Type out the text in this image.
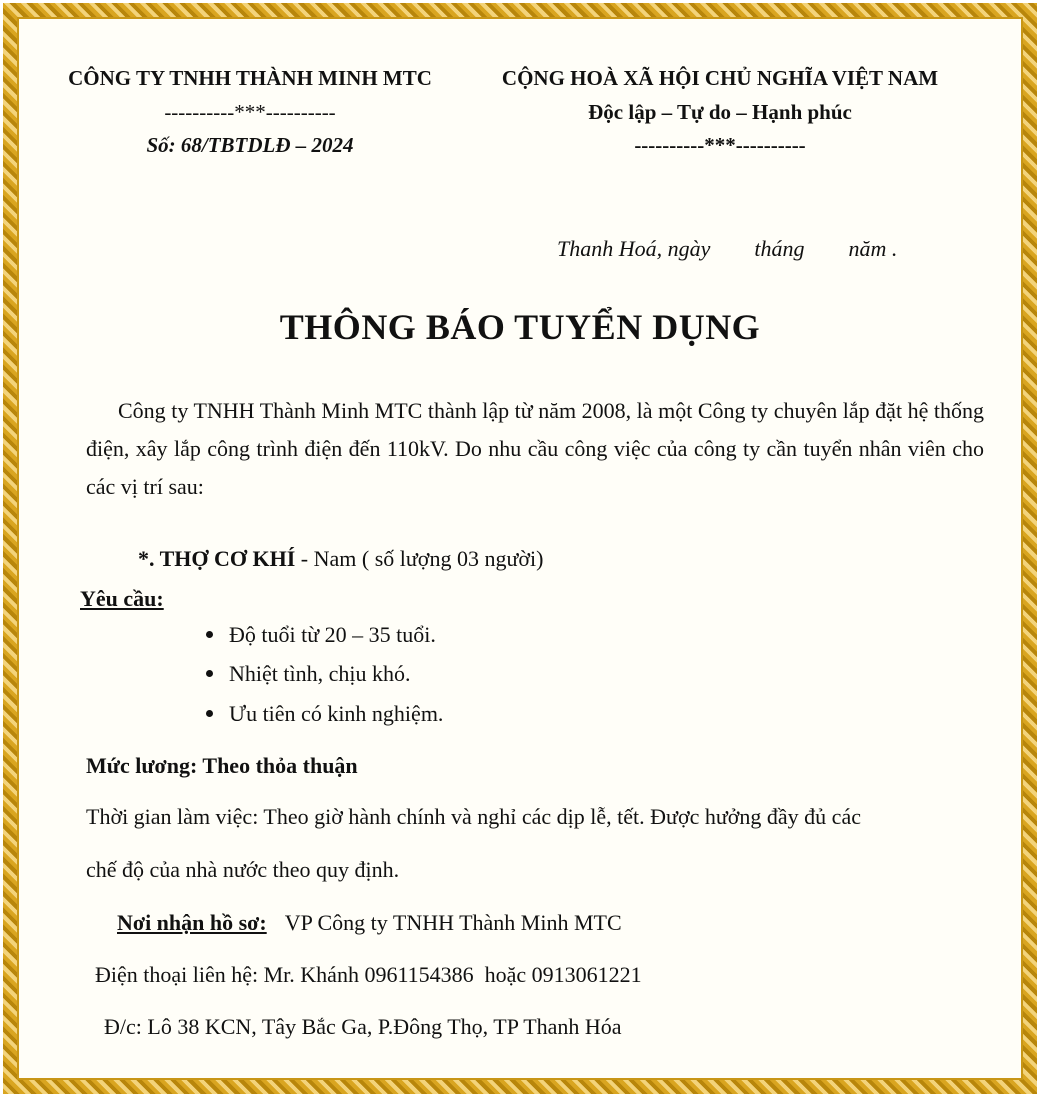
CÔNG TY TNHH THÀNH MINH MTC
----------***----------
Số: 68/TBTDLĐ – 2024
CỘNG HOÀ XÃ HỘI CHỦ NGHĨA VIỆT NAM
Độc lập – Tự do – Hạnh phúc
----------***----------
Thanh Hoá, ngày        tháng        năm .
THÔNG BÁO TUYỂN DỤNG
Công ty TNHH Thành Minh MTC thành lập từ năm 2008, là một Công ty chuyên lắp đặt hệ thống điện, xây lắp công trình điện đến 110kV. Do nhu cầu công việc của công ty cần tuyển nhân viên cho các vị trí sau:
*. THỢ CƠ KHÍ - Nam ( số lượng 03 người)
Yêu cầu:
Độ tuổi từ 20 – 35 tuổi.
Nhiệt tình, chịu khó.
Ưu tiên có kinh nghiệm.
Mức lương: Theo thỏa thuận
Thời gian làm việc: Theo giờ hành chính và nghỉ các dịp lễ, tết. Được hưởng đầy đủ các
chế độ của nhà nước theo quy định.
Nơi nhận hồ sơ: VP Công ty TNHH Thành Minh MTC
Điện thoại liên hệ: Mr. Khánh 0961154386  hoặc 0913061221
Đ/c: Lô 38 KCN, Tây Bắc Ga, P.Đông Thọ, TP Thanh Hóa
